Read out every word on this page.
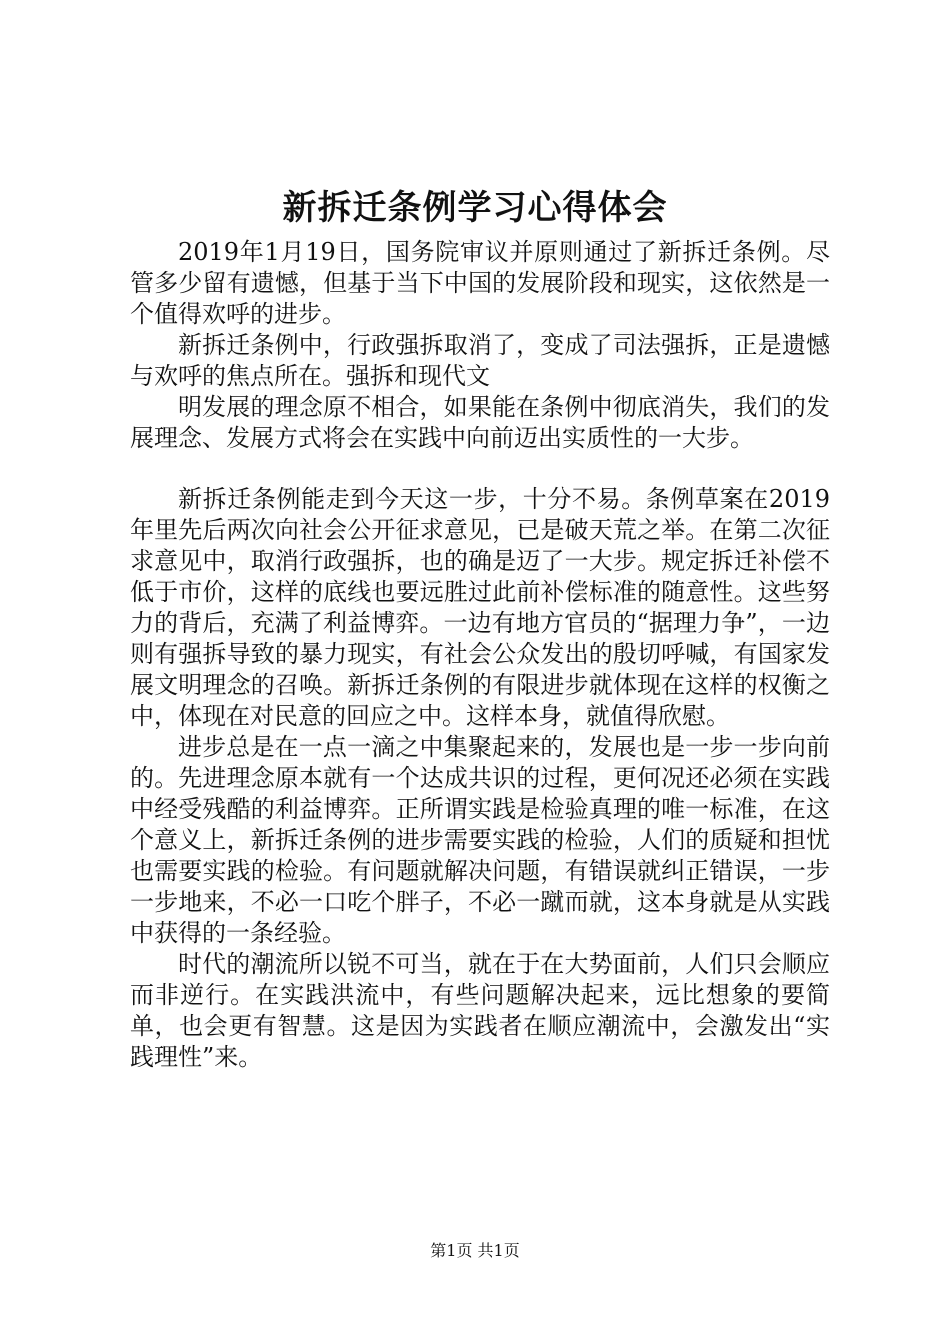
新拆迁条例学习心得体会

2019年1月19日，国务院审议并原则通过了新拆迁条例。尽管多少留有遗憾，但基于当下中国的发展阶段和现实，这依然是一个值得欢呼的进步。

新拆迁条例中，行政强拆取消了，变成了司法强拆，正是遗憾与欢呼的焦点所在。强拆和现代文

明发展的理念原不相合，如果能在条例中彻底消失，我们的发展理念、发展方式将会在实践中向前迈出实质性的一大步。

新拆迁条例能走到今天这一步，十分不易。条例草案在2019年里先后两次向社会公开征求意见，已是破天荒之举。在第二次征求意见中，取消行政强拆，也的确是迈了一大步。规定拆迁补偿不低于市价，这样的底线也要远胜过此前补偿标准的随意性。这些努力的背后，充满了利益博弈。一边有地方官员的“据理力争”，一边则有强拆导致的暴力现实，有社会公众发出的殷切呼喊，有国家发展文明理念的召唤。新拆迁条例的有限进步就体现在这样的权衡之中，体现在对民意的回应之中。这样本身，就值得欣慰。

进步总是在一点一滴之中集聚起来的，发展也是一步一步向前的。先进理念原本就有一个达成共识的过程，更何况还必须在实践中经受残酷的利益博弈。正所谓实践是检验真理的唯一标准，在这个意义上，新拆迁条例的进步需要实践的检验，人们的质疑和担忧也需要实践的检验。有问题就解决问题，有错误就纠正错误，一步一步地来，不必一口吃个胖子，不必一蹴而就，这本身就是从实践中获得的一条经验。

时代的潮流所以锐不可当，就在于在大势面前，人们只会顺应而非逆行。在实践洪流中，有些问题解决起来，远比想象的要简单，也会更有智慧。这是因为实践者在顺应潮流中，会激发出“实践理性”来。

第1页 共1页
